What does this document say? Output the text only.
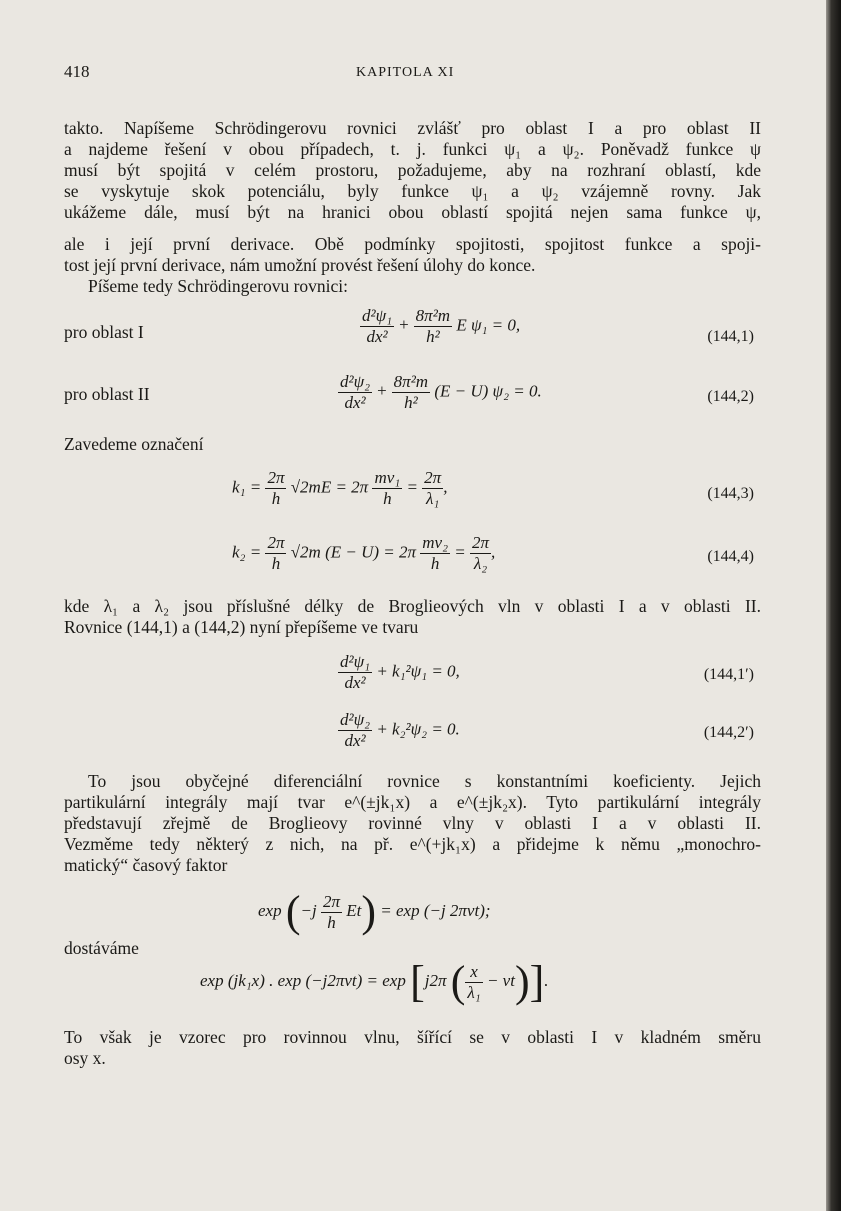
418	KAPITOLA XI
takto. Napíšeme Schrödingerovu rovnici zvlášť pro oblast I a pro oblast II
a najdeme řešení v obou případech, t. j. funkci ψ₁ a ψ₂. Poněvadž funkce ψ
musí být spojitá v celém prostoru, požadujeme, aby na rozhraní oblastí, kde
se vyskytuje skok potenciálu, byly funkce ψ₁ a ψ₂ vzájemně rovny. Jak
ukážeme dále, musí být na hranici obou oblastí spojitá nejen sama funkce ψ,
ale i její první derivace. Obě podmínky spojitosti, spojitost funkce a spoji-
tost její první derivace, nám umožní provést řešení úlohy do konce.
Píšeme tedy Schrödingerovu rovnici:
pro oblast I	$\frac{\text{d²ψ₁}}{\text{dx²}} + \frac{\text{8π²m}}{\text{h²}}$ E ψ₁ = 0,
(144,1)
pro oblast II	$\frac{\text{d²ψ₂}}{\text{dx²}} + \frac{\text{8π²m}}{\text{h²}} (E - U) \psi_2 = 0$.	(144,2)
Zavedeme označení
$k_1 = \frac{2\pi}{h} √2mE = 2\pi \frac{\text{mv₁}}{h} = \frac{2\pi}{\text{λ₁}}$ ,	(144,3)
$k_2 = \frac{2\pi}{h} √2m$ $(E - U) = 2\pi \frac{\text{mv₂}}{h} = \frac{2\pi}{\text{λ₂}}$ ,	(144,4)
kde λ₁ a λ₂ jsou příslušné délky de Broglieových vln v oblasti I a v oblasti II.
Rovnice (144,1) a (144,2) nyní přepíšeme ve tvaru
$\frac{\text{d²ψ₁}}{\text{dx²}} + k_1^2\psi_1 = 0$,	(144,1′)
$\frac{\text{d²ψ₂}}{\text{dx²}} + k_2^2\psi_2 = 0$.	(144,2′)
To jsou obyčejné diferenciální rovnice s konstantními koeficienty. Jejich
partikulární integrály mají tvar e^(±jk₁x) a e^(±jk₂x). Tyto partikulární integrály
představují zřejmě de Broglieovy rovinné vlny v oblasti I a v oblasti II.
Vezměme tedy některý z nich, na př. e^(+jk₁x) a přidejme k němu „monochro-
matický“ časový faktor
$\exp (-j \frac{2\pi}{h} Et) = \exp (-j$ 2πνt);
dostáváme
exp (jk₁x) . exp (−j2πνt) = exp [j2π ( $\frac{x}{\text{λ₁}} - \nu t$)].
To však je vzorec pro rovinnou vlnu, šířící se v oblasti I v kladném směru
osy x.
